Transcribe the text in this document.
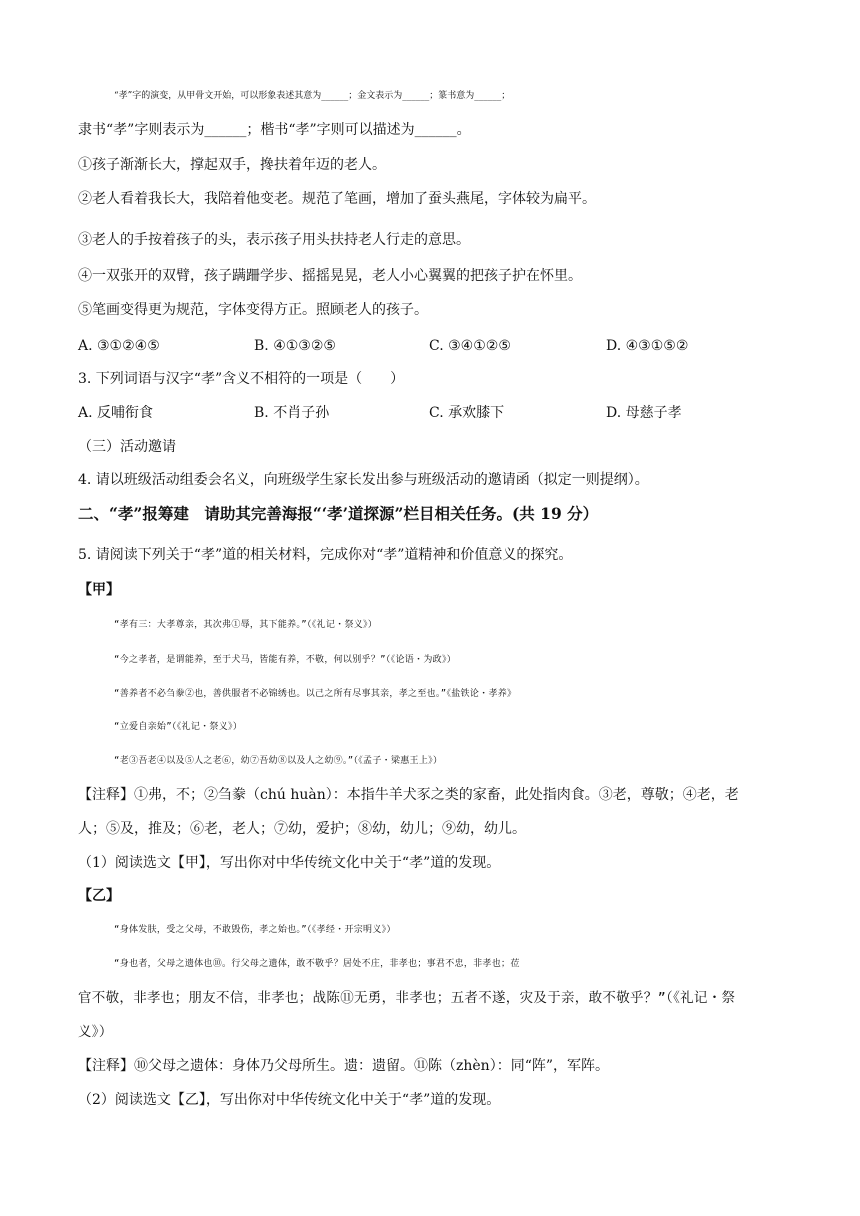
“孝”字的演变，从甲骨文开始，可以形象表述其意为______；金文表示为______；篆书意为______；
隶书“孝”字则表示为______；楷书“孝”字则可以描述为______。
①孩子渐渐长大，撑起双手，搀扶着年迈的老人。
②老人看着我长大，我陪着他变老。规范了笔画，增加了蚕头燕尾，字体较为扁平。
③老人的手按着孩子的头，表示孩子用头扶持老人行走的意思。
④一双张开的双臂，孩子蹒跚学步、摇摇晃晃，老人小心翼翼的把孩子护在怀里。
⑤笔画变得更为规范，字体变得方正。照顾老人的孩子。
A. ③①②④⑤	B. ④①③②⑤	C. ③④①②⑤	D. ④③①⑤②
3. 下列词语与汉字“孝”含义不相符的一项是（　　）
A. 反哺衔食	B. 不肖子孙	C. 承欢膝下	D. 母慈子孝
（三）活动邀请
4. 请以班级活动组委会名义，向班级学生家长发出参与班级活动的邀请函（拟定一则提纲）。
二、“孝”报筹建　请助其完善海报“‘孝’道探源”栏目相关任务。(共 19 分）
5. 请阅读下列关于“孝”道的相关材料，完成你对“孝”道精神和价值意义的探究。
【甲】
“孝有三：大孝尊亲，其次弗①辱，其下能养。”（《礼记・祭义》）
“今之孝者，是谓能养，至于犬马，皆能有养，不敬，何以别乎？”（《论语・为政》）
“善养者不必刍豢②也，善供服者不必锦绣也。以己之所有尽事其亲，孝之至也。”《盐铁论・孝养》
“立爱自亲始”（《礼记・祭义》）
“老③吾老④以及⑤人之老⑥，幼⑦吾幼⑧以及人之幼⑨。”（《孟子・梁惠王上》）
【注释】①弗，不；②刍豢（chú huàn）：本指牛羊犬豕之类的家畜，此处指肉食。③老，尊敬；④老，老
人；⑤及，推及；⑥老，老人；⑦幼，爱护；⑧幼，幼儿；⑨幼，幼儿。
（1）阅读选文【甲】，写出你对中华传统文化中关于“孝”道的发现。
【乙】
“身体发肤，受之父母，不敢毁伤，孝之始也。”（《孝经・开宗明义》）
“身也者，父母之遗体也⑩。行父母之遗体，敢不敬乎？居处不庄，非孝也；事君不忠，非孝也；莅
官不敬，非孝也；朋友不信，非孝也；战陈⑪无勇，非孝也；五者不遂，灾及于亲，敢不敬乎？”（《礼记・祭
义》）
【注释】⑩父母之遗体：身体乃父母所生。遗：遗留。⑪陈（zhèn）：同“阵”，军阵。
（2）阅读选文【乙】，写出你对中华传统文化中关于“孝”道的发现。
